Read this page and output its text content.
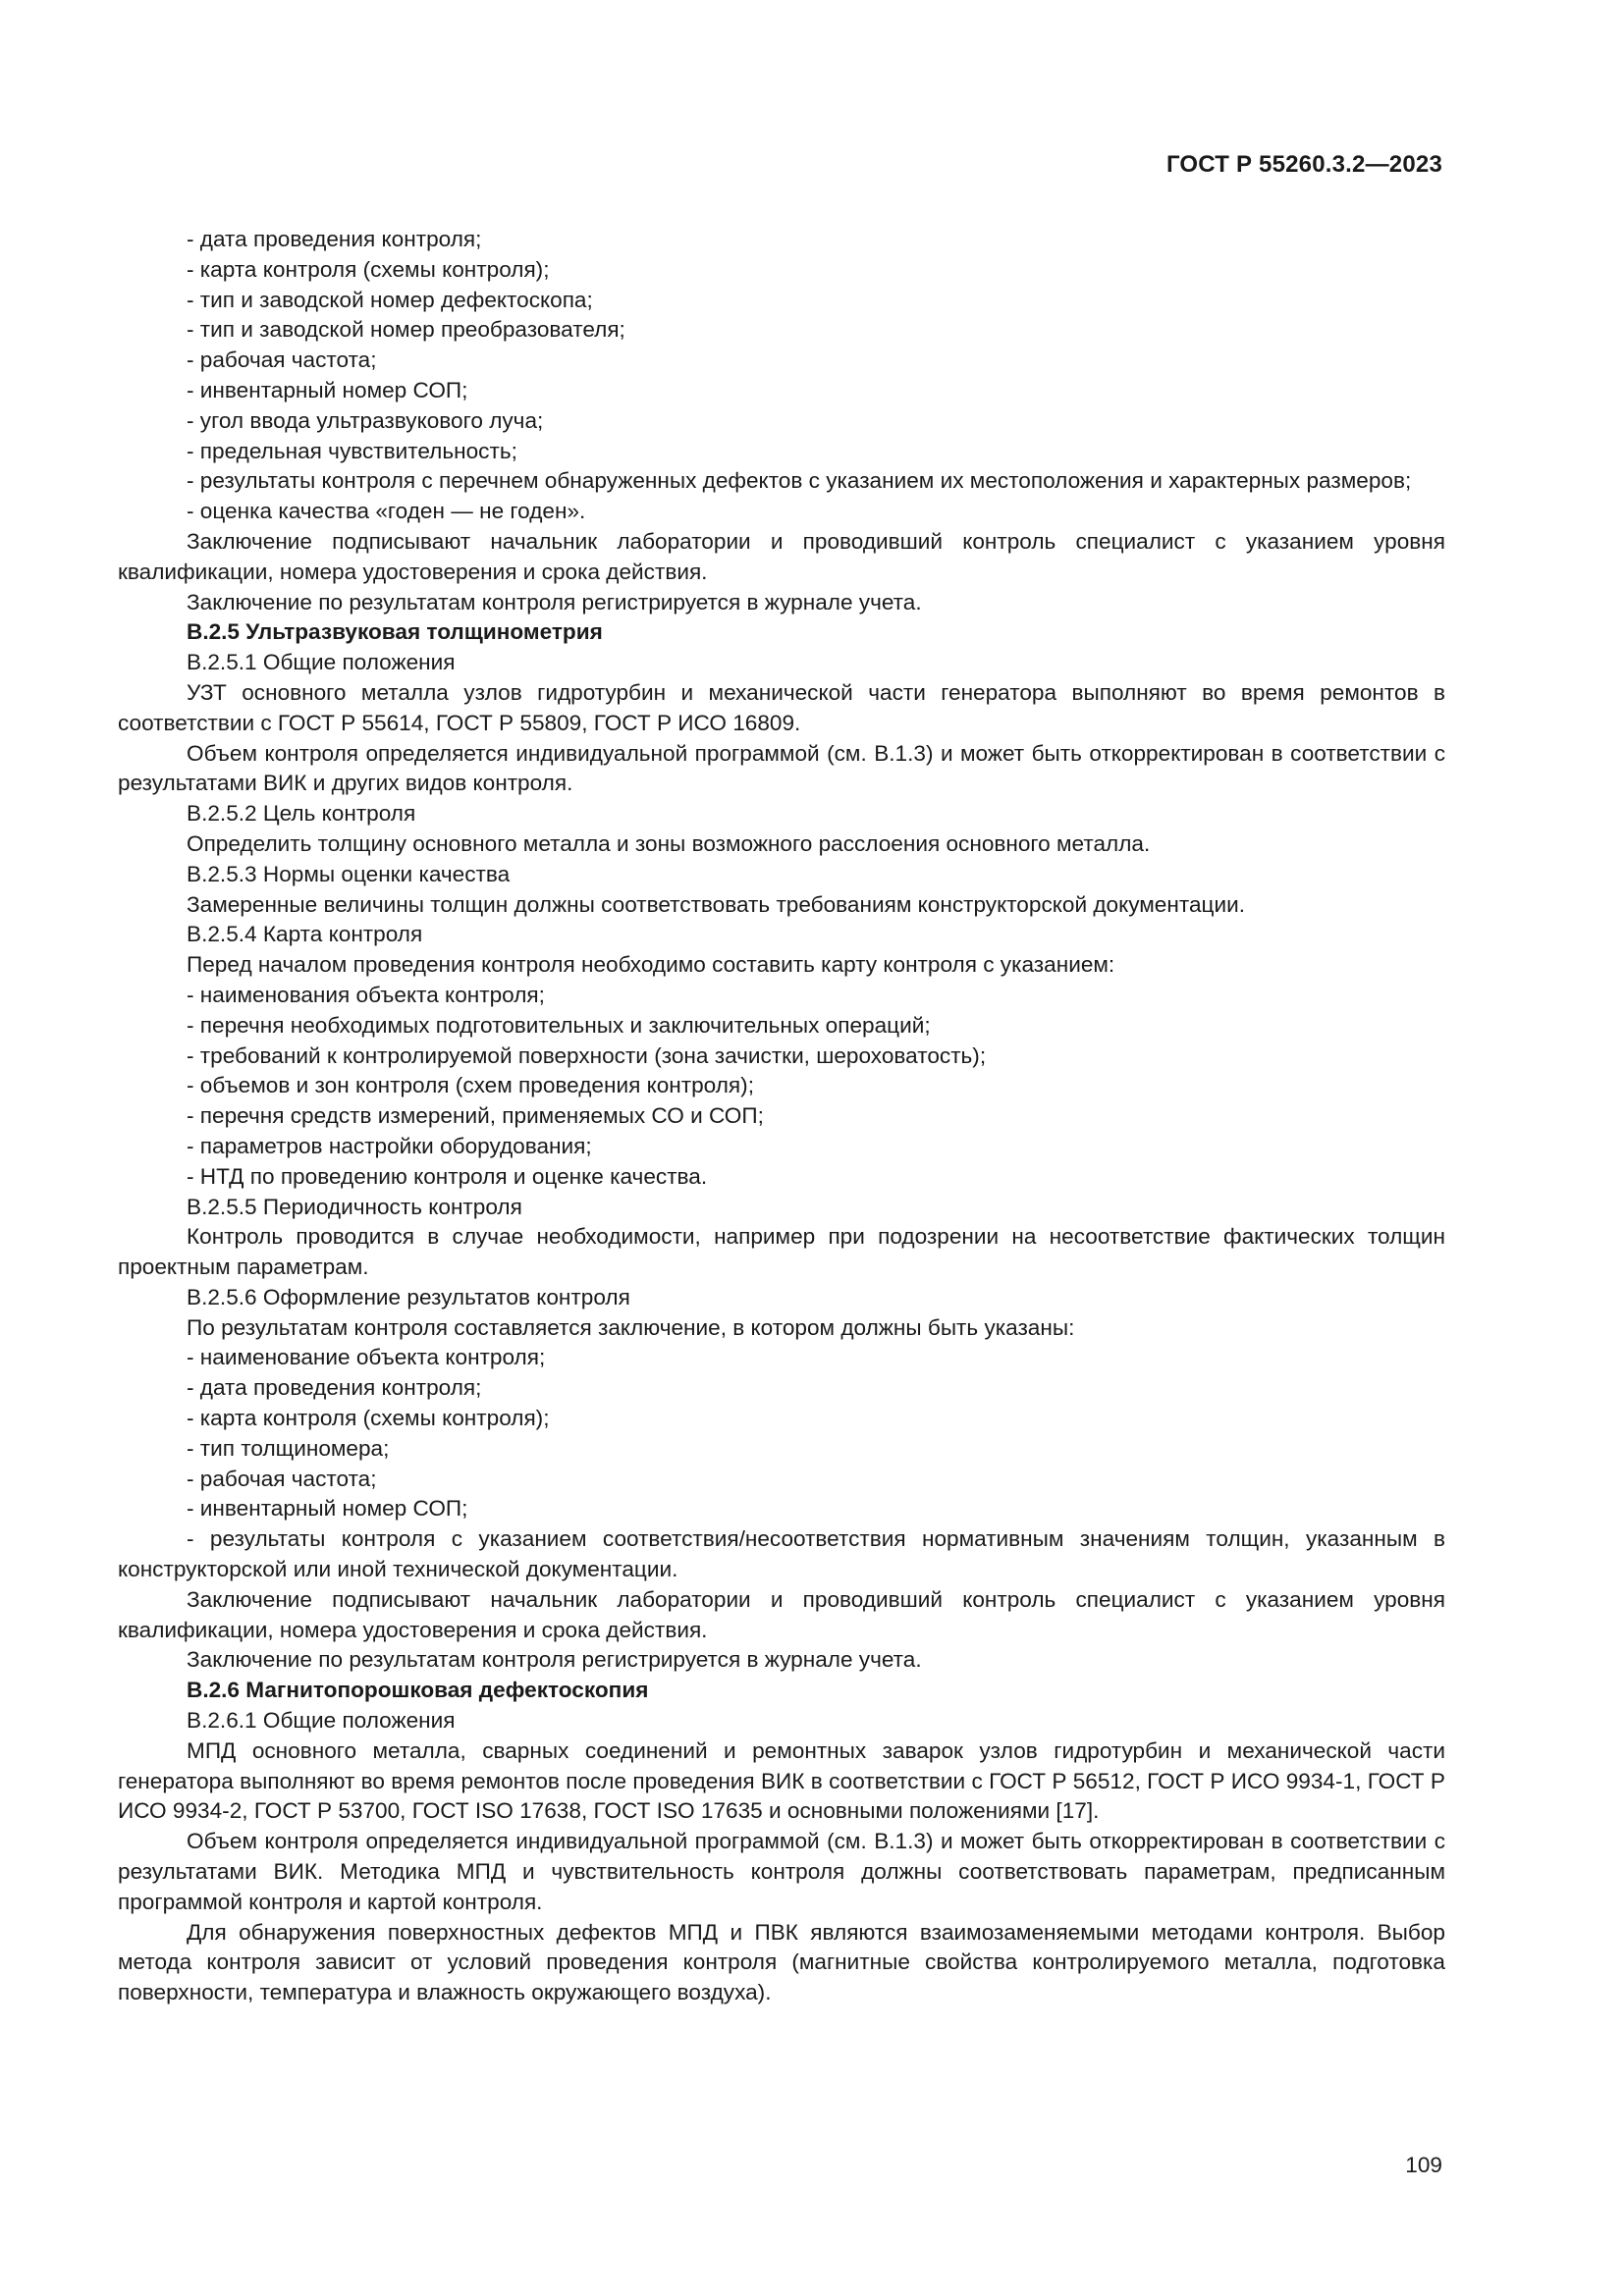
ГОСТ Р 55260.3.2—2023

- дата проведения контроля;

- карта контроля (схемы контроля);

- тип и заводской номер дефектоскопа;

- тип и заводской номер преобразователя;

- рабочая частота;

- инвентарный номер СОП;

- угол ввода ультразвукового луча;

- предельная чувствительность;

- результаты контроля с перечнем обнаруженных дефектов с указанием их местоположения и характерных размеров;

- оценка качества «годен — не годен».

Заключение подписывают начальник лаборатории и проводивший контроль специалист с указанием уровня квалификации, номера удостоверения и срока действия.

Заключение по результатам контроля регистрируется в журнале учета.

В.2.5 Ультразвуковая толщинометрия

В.2.5.1 Общие положения

УЗТ основного металла узлов гидротурбин и механической части генератора выполняют во время ремонтов в соответствии с ГОСТ Р 55614, ГОСТ Р 55809, ГОСТ Р ИСО 16809.

Объем контроля определяется индивидуальной программой (см. В.1.3) и может быть откорректирован в соответствии с результатами ВИК и других видов контроля.

В.2.5.2 Цель контроля

Определить толщину основного металла и зоны возможного расслоения основного металла.

В.2.5.3 Нормы оценки качества

Замеренные величины толщин должны соответствовать требованиям конструкторской документации.

В.2.5.4 Карта контроля

Перед началом проведения контроля необходимо составить карту контроля с указанием:

- наименования объекта контроля;

- перечня необходимых подготовительных и заключительных операций;

- требований к контролируемой поверхности (зона зачистки, шероховатость);

- объемов и зон контроля (схем проведения контроля);

- перечня средств измерений, применяемых СО и СОП;

- параметров настройки оборудования;

- НТД по проведению контроля и оценке качества.

В.2.5.5 Периодичность контроля

Контроль проводится в случае необходимости, например при подозрении на несоответствие фактических толщин проектным параметрам.

В.2.5.6 Оформление результатов контроля

По результатам контроля составляется заключение, в котором должны быть указаны:

- наименование объекта контроля;

- дата проведения контроля;

- карта контроля (схемы контроля);

- тип толщиномера;

- рабочая частота;

- инвентарный номер СОП;

- результаты контроля с указанием соответствия/несоответствия нормативным значениям толщин, указанным в конструкторской или иной технической документации.

Заключение подписывают начальник лаборатории и проводивший контроль специалист с указанием уровня квалификации, номера удостоверения и срока действия.

Заключение по результатам контроля регистрируется в журнале учета.

В.2.6 Магнитопорошковая дефектоскопия

В.2.6.1 Общие положения

МПД основного металла, сварных соединений и ремонтных заварок узлов гидротурбин и механической части генератора выполняют во время ремонтов после проведения ВИК в соответствии с ГОСТ Р 56512, ГОСТ Р ИСО 9934-1, ГОСТ Р ИСО 9934-2, ГОСТ Р 53700, ГОСТ ISO 17638, ГОСТ ISO 17635 и основными положениями [17].

Объем контроля определяется индивидуальной программой (см. В.1.3) и может быть откорректирован в соответствии с результатами ВИК. Методика МПД и чувствительность контроля должны соответствовать параметрам, предписанным программой контроля и картой контроля.

Для обнаружения поверхностных дефектов МПД и ПВК являются взаимозаменяемыми методами контроля. Выбор метода контроля зависит от условий проведения контроля (магнитные свойства контролируемого металла, подготовка поверхности, температура и влажность окружающего воздуха).

109
